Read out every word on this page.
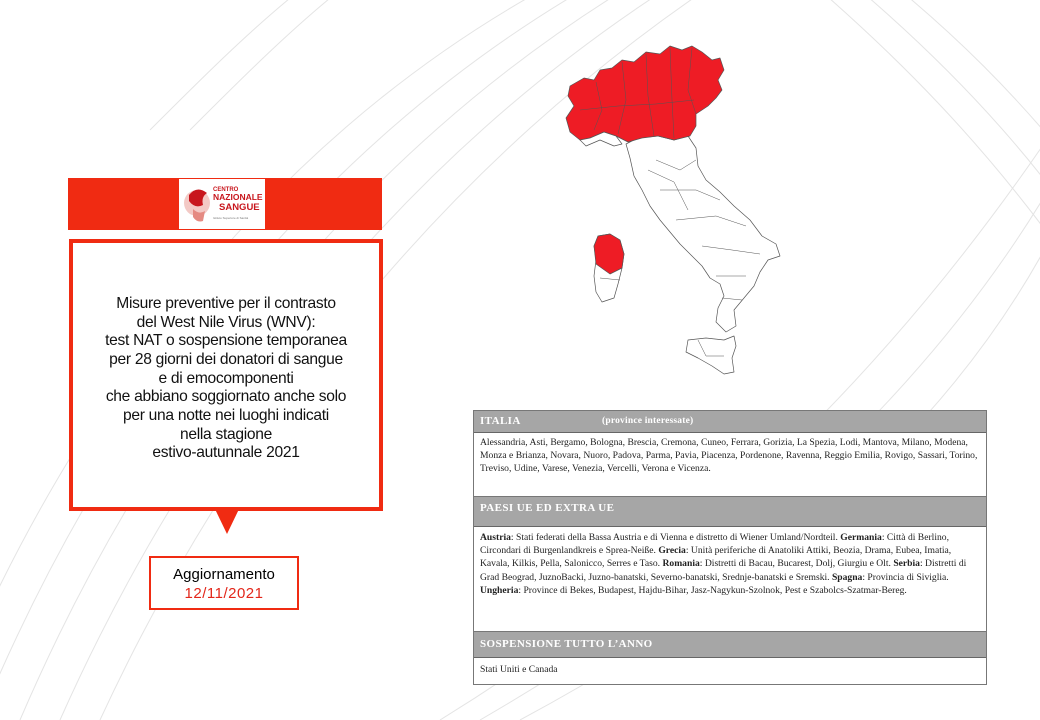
CENTRO
NAZIONALE
SANGUE
Istituto Superiore di Sanità
Misure preventive per il contrasto
del West Nile Virus (WNV):
test NAT o sospensione temporanea
per 28 giorni dei donatori di sangue
e di emocomponenti
che abbiano soggiornato anche solo
per una notte nei luoghi indicati
nella stagione
estivo-autunnale 2021
Aggiornamento
12/11/2021
ITALIA	(province interessate)
Alessandria, Asti, Bergamo, Bologna, Brescia, Cremona, Cuneo, Ferrara, Gorizia, La Spezia, Lodi, Mantova, Milano, Modena, Monza e Brianza, Novara, Nuoro, Padova, Parma, Pavia, Piacenza, Pordenone, Ravenna, Reggio Emilia, Rovigo, Sassari, Torino, Treviso, Udine, Varese, Venezia, Vercelli, Verona e Vicenza.
PAESI UE ED EXTRA UE
Austria: Stati federati della Bassa Austria e di Vienna e distretto di Wiener Umland/Nordteil. Germania: Città di Berlino, Circondari di Burgenlandkreis e Sprea-Neiße. Grecia: Unità periferiche di Anatoliki Attiki, Beozia, Drama, Eubea, Imatia, Kavala, Kilkis, Pella, Salonicco, Serres e Taso. Romania: Distretti di Bacau, Bucarest, Dolj, Giurgiu e Olt. Serbia: Distretti di Grad Beograd, JuznoBacki, Juzno-banatski, Severno-banatski, Srednje-banatski e Sremski. Spagna: Provincia di Siviglia. Ungheria: Province di Bekes, Budapest, Hajdu-Bihar, Jasz-Nagykun-Szolnok, Pest e Szabolcs-Szatmar-Bereg.
SOSPENSIONE TUTTO L’ANNO
Stati Uniti e Canada
